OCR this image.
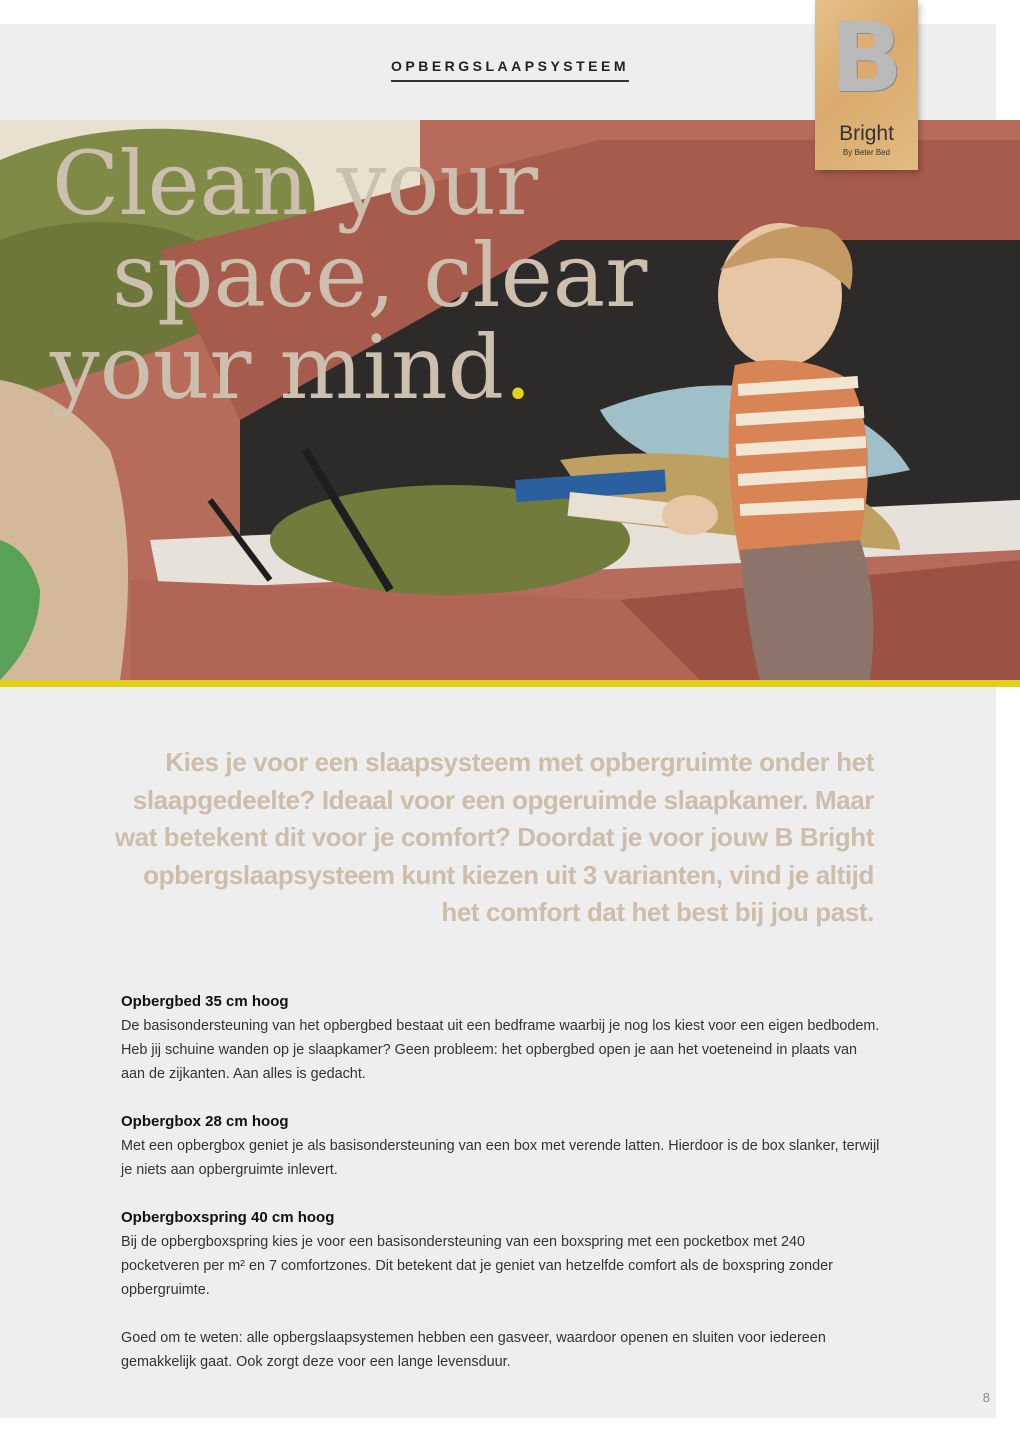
OPBERGSLAAPSYSTEEM
Clean your
space, clear
your mind.
B
Bright
By Beter Bed
Kies je voor een slaapsysteem met opbergruimte onder het slaapgedeelte? Ideaal voor een opgeruimde slaapkamer. Maar wat betekent dit voor je comfort? Doordat je voor jouw B Bright opbergslaapsysteem kunt kiezen uit 3 varianten, vind je altijd het comfort dat het best bij jou past.
Opbergbed 35 cm hoog
De basisondersteuning van het opbergbed bestaat uit een bedframe waarbij je nog los kiest voor een eigen bedbodem. Heb jij schuine wanden op je slaapkamer? Geen probleem: het opbergbed open je aan het voeteneind in plaats van aan de zijkanten. Aan alles is gedacht.
Opbergbox 28 cm hoog
Met een opbergbox geniet je als basisondersteuning van een box met verende latten. Hierdoor is de box slanker, terwijl je niets aan opbergruimte inlevert.
Opbergboxspring 40 cm hoog
Bij de opbergboxspring kies je voor een basisondersteuning van een boxspring met een pocketbox met 240 pocketveren per m² en 7 comfortzones. Dit betekent dat je geniet van hetzelfde comfort als de boxspring zonder opbergruimte.
Goed om te weten: alle opbergslaapsystemen hebben een gasveer, waardoor openen en sluiten voor iedereen gemakkelijk gaat. Ook zorgt deze voor een lange levensduur.
8
